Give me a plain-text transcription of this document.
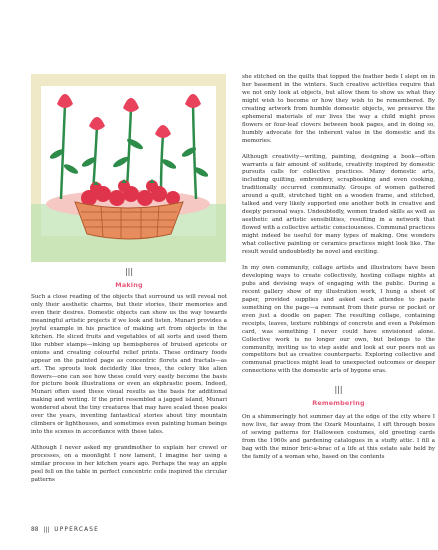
|||
Making

Such a close reading of the objects that surround us will reveal not only their aesthetic charms, but their stories, their memories and even their desires. Domestic objects can show us the way towards meaningful artistic projects if we look and listen. Munari provides a joyful example in his practice of making art from objects in the kitchen. He sliced fruits and vegetables of all sorts and used them like rubber stamps—inking up hemispheres of bruised apricots or onions and creating colourful relief prints. These ordinary foods appear on the painted page as concentric florets and fractals—as art. The sprouts look decidedly like trees, the celery like alien flowers—one can see how these could very easily become the basis for picture book illustrations or even an ekphrastic poem. Indeed, Munari often used these visual results as the basis for additional making and writing. If the print resembled a jagged island, Munari wondered about the tiny creatures that may have scaled these peaks over the years, inventing fantastical stories about tiny mountain climbers or lighthouses, and sometimes even painting human beings into the scenes in accordance with these tales.

Although I never asked my grandmother to explain her crewel or processes, on a moonlight I now lament, I imagine her using a similar process in her kitchen years ago. Perhaps the way an apple peel fell on the table in perfect concentric coils inspired the circular patterns

she stitched on the quilts that topped the feather beds I slept on in her basement in the winters. Such creative activities require that we not only look at objects, but allow them to show us what they might wish to become or how they wish to be remembered. By creating artwork from humble domestic objects, we preserve the ephemeral materials of our lives the way a child might press flowers or four-leaf clovers between book pages, and in doing so, humbly advocate for the inherent value in the domestic and its memories.

Although creativity—writing, painting, designing a book—often warrants a fair amount of solitude, creativity inspired by domestic pursuits calls for collective practices. Many domestic arts, including quilting, embroidery, scrapbooking and even cooking, traditionally occurred communally. Groups of women gathered around a quilt, stretched tight on a wooden frame, and stitched, talked and very likely supported one another both in creative and deeply personal ways. Undoubtedly, women traded skills as well as aesthetic and artistic sensibilities, resulting in a network that flowed with a collective artistic consciousness. Communal practices might indeed be useful for many types of making. One wonders what collective painting or ceramics practices might look like. The result would undoubtedly be novel and exciting.

In my own community, collage artists and illustrators have been developing ways to create collectively, hosting collage nights at pubs and devising ways of engaging with the public. During a recent gallery show of my illustration work, I hung a sheet of paper, provided supplies and asked each attendee to paste something on the page—a remnant from their purse or pocket or even just a doodle on paper. The resulting collage, containing receipts, leaves, texture rubbings of concrete and even a Pokémon card, was something I never could have envisioned alone. Collective work is no longer our own, but belongs to the community, inviting us to step aside and look at our peers not as competitors but as creative counterparts. Exploring collective and communal practices might lead to unexpected outcomes or deeper connections with the domestic arts of bygone eras.

|||
Remembering

On a shimmeringly hot summer day at the edge of the city where I now live, far away from the Ozark Mountains, I sift through boxes of sewing patterns for Halloween costumes, old greeting cards from the 1960s and gardening catalogues in a stuffy attic. I fill a bag with the minor bric-a-brac of a life at this estate sale held by the family of a woman who, based on the contents

88 ||| UPPERCASE
